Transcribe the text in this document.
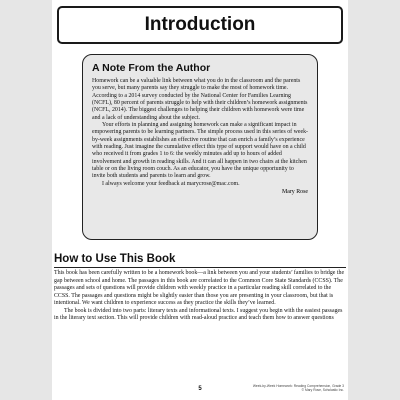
Introduction
A Note From the Author

Homework can be a valuable link between what you do in the classroom and the parents you serve, but many parents say they struggle to make the most of homework time. According to a 2014 survey conducted by the National Center for Families Learning (NCFL), 80 percent of parents struggle to help with their children’s homework assignments (NCFL, 2014). The biggest challenges to helping their children with homework were time and a lack of understanding about the subject.

Your efforts in planning and assigning homework can make a significant impact in empowering parents to be learning partners. The simple process used in this series of week-by-week assignments establishes an effective routine that can enrich a family’s experience with reading. Just imagine the cumulative effect this type of support would have on a child who received it from grades 1 to 6: the weekly minutes add up to hours of added involvement and growth in reading skills. And it can all happen in two chairs at the kitchen table or on the living room couch. As an educator, you have the unique opportunity to invite both students and parents to learn and grow.

I always welcome your feedback at marycrose@mac.com.

Mary Rose
How to Use This Book

This book has been carefully written to be a homework book—a link between you and your students’ families to bridge the gap between school and home. The passages in this book are correlated to the Common Core State Standards (CCSS). The passages and sets of questions will provide children with weekly practice in a particular reading skill correlated to the CCSS. The passages and questions might be slightly easier than those you are presenting in your classroom, but that is intentional. We want children to experience success as they practice the skills they’ve learned.

The book is divided into two parts: literary texts and informational texts. I suggest you begin with the easiest passages in the literary text section. This will provide children with read-aloud practice and teach them how to answer questions

5	Week-by-Week Homework: Reading Comprehension, Grade 3
© Mary Rose, Scholastic Inc.
